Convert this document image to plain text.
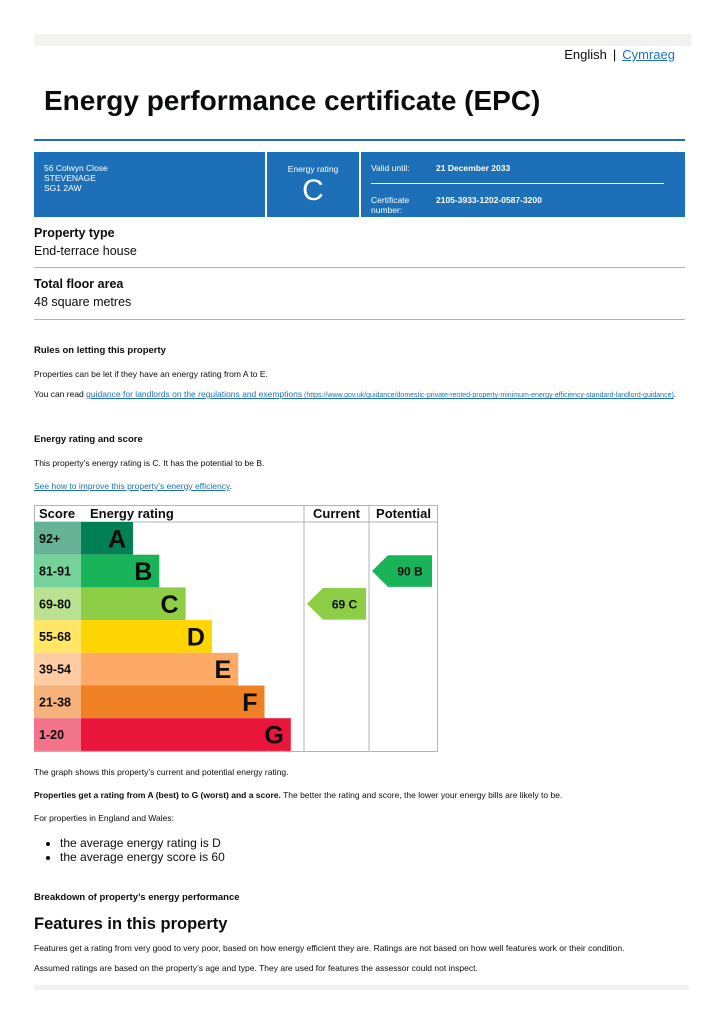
English | Cymraeg
Energy performance certificate (EPC)
56 Colwyn Close
STEVENAGE
SG1 2AW
Energy rating
C
Valid until:	21 December 2033
Certificate number:
2105-3933-1202-0587-3200
Property type
End-terrace house
Total floor area
48 square metres
Rules on letting this property
Properties can be let if they have an energy rating from A to E.
You can read guidance for landlords on the regulations and exemptions (https://www.gov.uk/guidance/domestic-private-rented-property-minimum-energy-efficiency-standard-landlord-guidance).
Energy rating and score
This property’s energy rating is C. It has the potential to be B.
See how to improve this property’s energy efficiency.
Score Energy rating	Current Potential
92+ A
81-91	B
69-80	C
55-68	D
39-54	E
21-38	F
1-20	G
69 C
90 B
The graph shows this property’s current and potential energy rating.
Properties get a rating from A (best) to G (worst) and a score. The better the rating and score, the lower your energy bills are likely to be.
For properties in England and Wales:
• the average energy rating is D
• the average energy score is 60
Breakdown of property’s energy performance
Features in this property
Features get a rating from very good to very poor, based on how energy efficient they are. Ratings are not based on how well features work or their condition.
Assumed ratings are based on the property’s age and type. They are used for features the assessor could not inspect.
